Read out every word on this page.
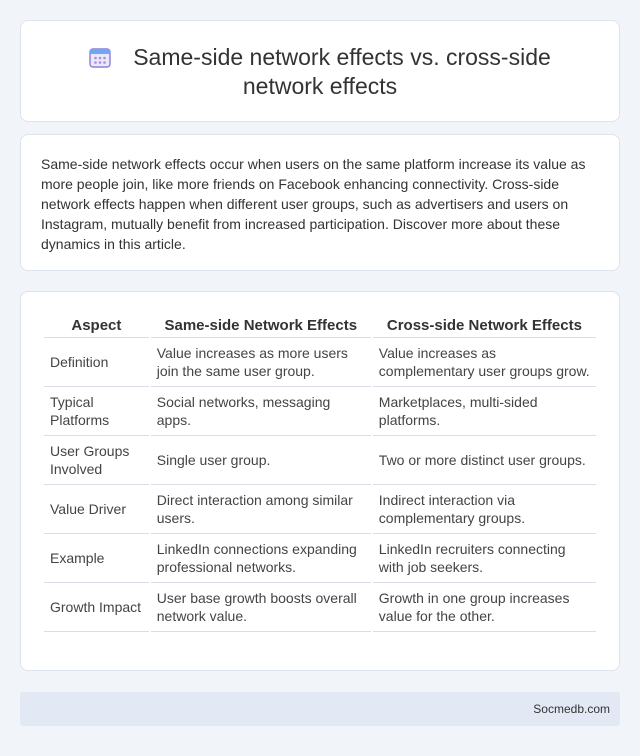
Same-side network effects vs. cross-side network effects

Same-side network effects occur when users on the same platform increase its value as more people join, like more friends on Facebook enhancing connectivity. Cross-side network effects happen when different user groups, such as advertisers and users on Instagram, mutually benefit from increased participation. Discover more about these dynamics in this article.

Aspect	Same-side Network Effects	Cross-side Network Effects
Definition	Value increases as more users join the same user group.	Value increases as complementary user groups grow.
Typical Platforms	Social networks, messaging apps.	Marketplaces, multi-sided platforms.
User Groups Involved	Single user group.	Two or more distinct user groups.
Value Driver	Direct interaction among similar users.	Indirect interaction via complementary groups.
Example	LinkedIn connections expanding professional networks.	LinkedIn recruiters connecting with job seekers.
Growth Impact	User base growth boosts overall network value.	Growth in one group increases value for the other.
Socmedb.com
